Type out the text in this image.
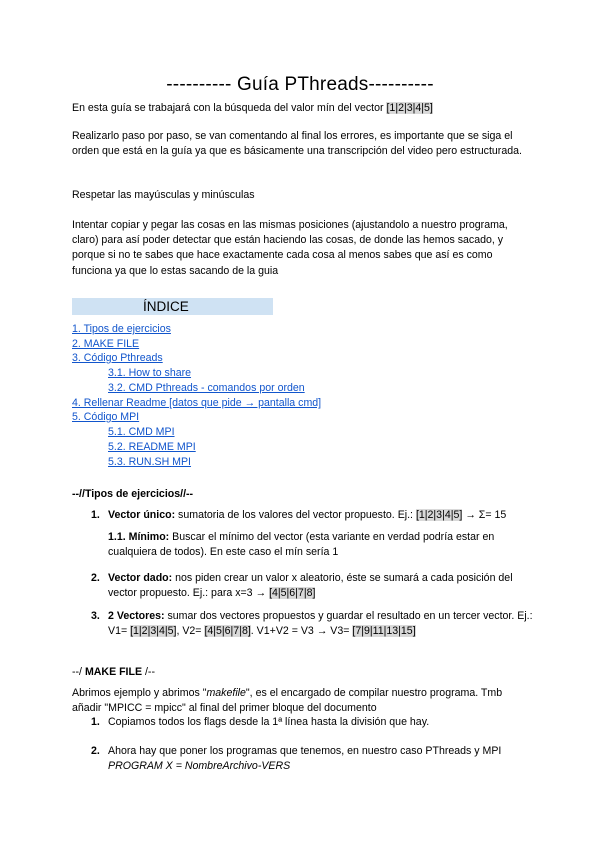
---------- Guía PThreads----------
En esta guía se trabajará con la búsqueda del valor mín del vector [1|2|3|4|5]
Realizarlo paso por paso, se van comentando al final los errores, es importante que se siga el orden que está en la guía ya que es básicamente una transcripción del video pero estructurada.
Respetar las mayúsculas y minúsculas
Intentar copiar y pegar las cosas en las mismas posiciones (ajustandolo a nuestro programa, claro) para así poder detectar que están haciendo las cosas, de donde las hemos sacado, y porque si no te sabes que hace exactamente cada cosa al menos sabes que así es como funciona ya que lo estas sacando de la guia
ÍNDICE
1. Tipos de ejercicios
2. MAKE FILE
3. Código Pthreads
3.1. How to share
3.2. CMD Pthreads - comandos por orden
4. Rellenar Readme [datos que pide → pantalla cmd]
5. Código MPI
5.1. CMD MPI
5.2. README MPI
5.3. RUN.SH MPI
--//Tipos de ejercicios//--
1. Vector único: sumatoria de los valores del vector propuesto. Ej.: [1|2|3|4|5] → Σ= 15
1.1. Mínimo: Buscar el mínimo del vector (esta variante en verdad podría estar en cualquiera de todos). En este caso el mín sería 1
2. Vector dado: nos piden crear un valor x aleatorio, éste se sumará a cada posición del vector propuesto. Ej.: para x=3 → [4|5|6|7|8]
3. 2 Vectores: sumar dos vectores propuestos y guardar el resultado en un tercer vector. Ej.: V1= [1|2|3|4|5], V2= [4|5|6|7|8]. V1+V2 = V3 → V3= [7|9|11|13|15]
--/ MAKE FILE /--
Abrimos ejemplo y abrimos "makefile", es el encargado de compilar nuestro programa. Tmb añadir "MPICC = mpicc" al final del primer bloque del documento
1. Copiamos todos los flags desde la 1ª línea hasta la división que hay.
2. Ahora hay que poner los programas que tenemos, en nuestro caso PThreads y MPI
PROGRAM X = NombreArchivo-VERS
